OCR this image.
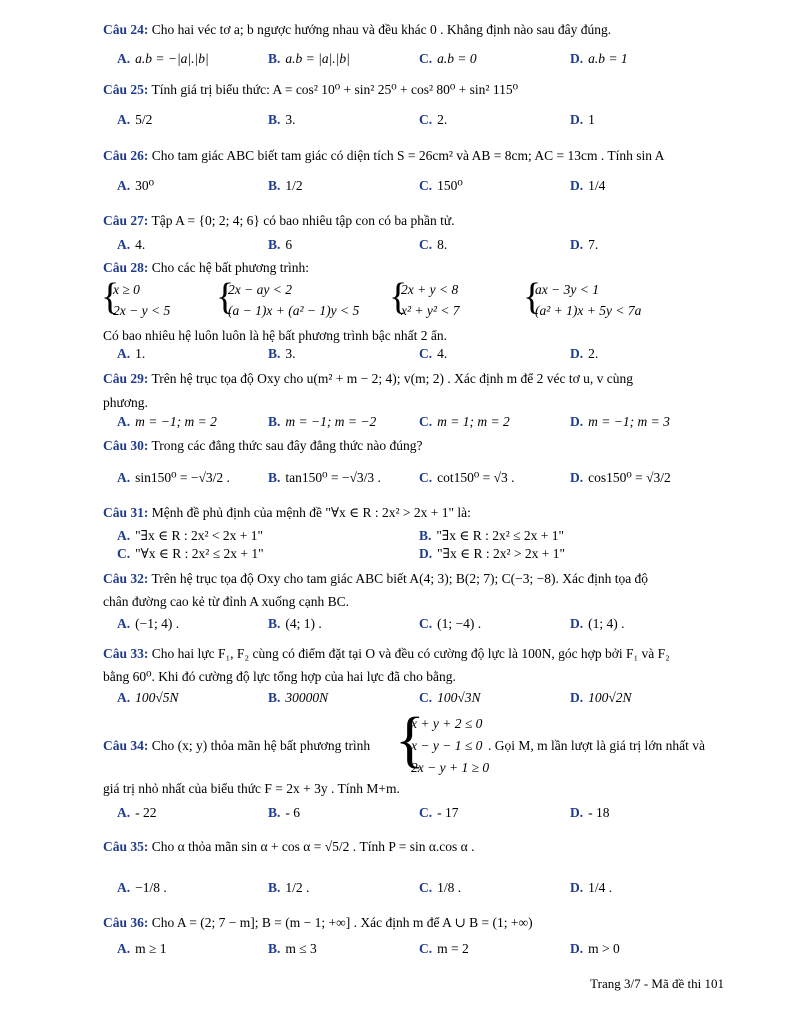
Câu 24: Cho hai véc tơ a; b ngược hướng nhau và đều khác 0 . Khẳng định nào sau đây đúng.
A. a.b = −|a|.|b|	B. a.b = |a|.|b|	C. a.b = 0	D. a.b = 1
Câu 25: Tính giá trị biểu thức: A = cos² 10⁰ + sin² 25⁰ + cos² 80⁰ + sin² 115⁰
A. 5/2	B. 3.	C. 2.	D. 1
Câu 26: Cho tam giác ABC biết tam giác có diện tích S = 26cm² và AB = 8cm; AC = 13cm . Tính sin A
A. 30⁰	B. 1/2	C. 150⁰	D. 1/4
Câu 27: Tập A = {0; 2; 4; 6} có bao nhiêu tập con có ba phần tử.
A. 4.	B. 6	C. 8.	D. 7.
Câu 28: Cho các hệ bất phương trình:
{
x ≥ 0
2x − y < 5 {
2x − ay < 2
(a − 1)x + (a² − 1)y < 5 {
2x + y < 8
x² + y² < 7 {
ax − 3y < 1
(a² + 1)x + 5y < 7a
Có bao nhiêu hệ luôn luôn là hệ bất phương trình bậc nhất 2 ẩn.
A. 1.	B. 3.	C. 4.	D. 2.
Câu 29: Trên hệ trục tọa độ Oxy cho u(m² + m − 2; 4); v(m; 2) . Xác định m để 2 véc tơ u, v cùng
phương.
A. m = −1; m = 2	B. m = −1; m = −2	C. m = 1; m = 2	D. m = −1; m = 3
Câu 30: Trong các đẳng thức sau đây đẳng thức nào đúng?
A. sin150⁰ = −√3/2 .	B. tan150⁰ = −√3/3 .	C. cot150⁰ = √3 .	D. cos150⁰ = √3/2
Câu 31: Mệnh đề phủ định của mệnh đề "∀x ∈ R : 2x² > 2x + 1" là:
A. "∃x ∈ R : 2x² < 2x + 1"	B. "∃x ∈ R : 2x² ≤ 2x + 1"
C. "∀x ∈ R : 2x² ≤ 2x + 1"	D. "∃x ∈ R : 2x² > 2x + 1"
Câu 32: Trên hệ trục tọa độ Oxy cho tam giác ABC biết A(4; 3); B(2; 7); C(−3; −8). Xác định tọa độ
chân đường cao kẻ từ đỉnh A xuống cạnh BC.
A. (−1; 4) .	B. (4; 1) .	C. (1; −4) .	D. (1; 4) .
Câu 33: Cho hai lực F₁, F₂ cùng có điểm đặt tại O và đều có cường độ lực là 100N, góc hợp bởi F₁ và F₂
bằng 60⁰. Khi đó cường độ lực tổng hợp của hai lực đã cho bằng.
A. 100√5N	B. 30000N	C. 100√3N	D. 100√2N
Câu 34: Cho (x; y) thỏa mãn hệ bất phương trình {
x + y + 2 ≤ 0
x − y − 1 ≤ 0
2x − y + 1 ≥ 0
. Gọi M, m lần lượt là giá trị lớn nhất và
giá trị nhỏ nhất của biểu thức F = 2x + 3y . Tính M+m.
A. - 22	B. - 6	C. - 17	D. - 18
Câu 35: Cho α thỏa mãn sin α + cos α = √5/2 . Tính P = sin α.cos α .
A. −1/8 .	B. 1/2 .	C. 1/8 .	D. 1/4 .
Câu 36: Cho A = (2; 7 − m]; B = (m − 1; +∞] . Xác định m để A ∪ B = (1; +∞)
A. m ≥ 1	B. m ≤ 3	C. m = 2	D. m > 0
Trang 3/7 - Mã đề thi 101
